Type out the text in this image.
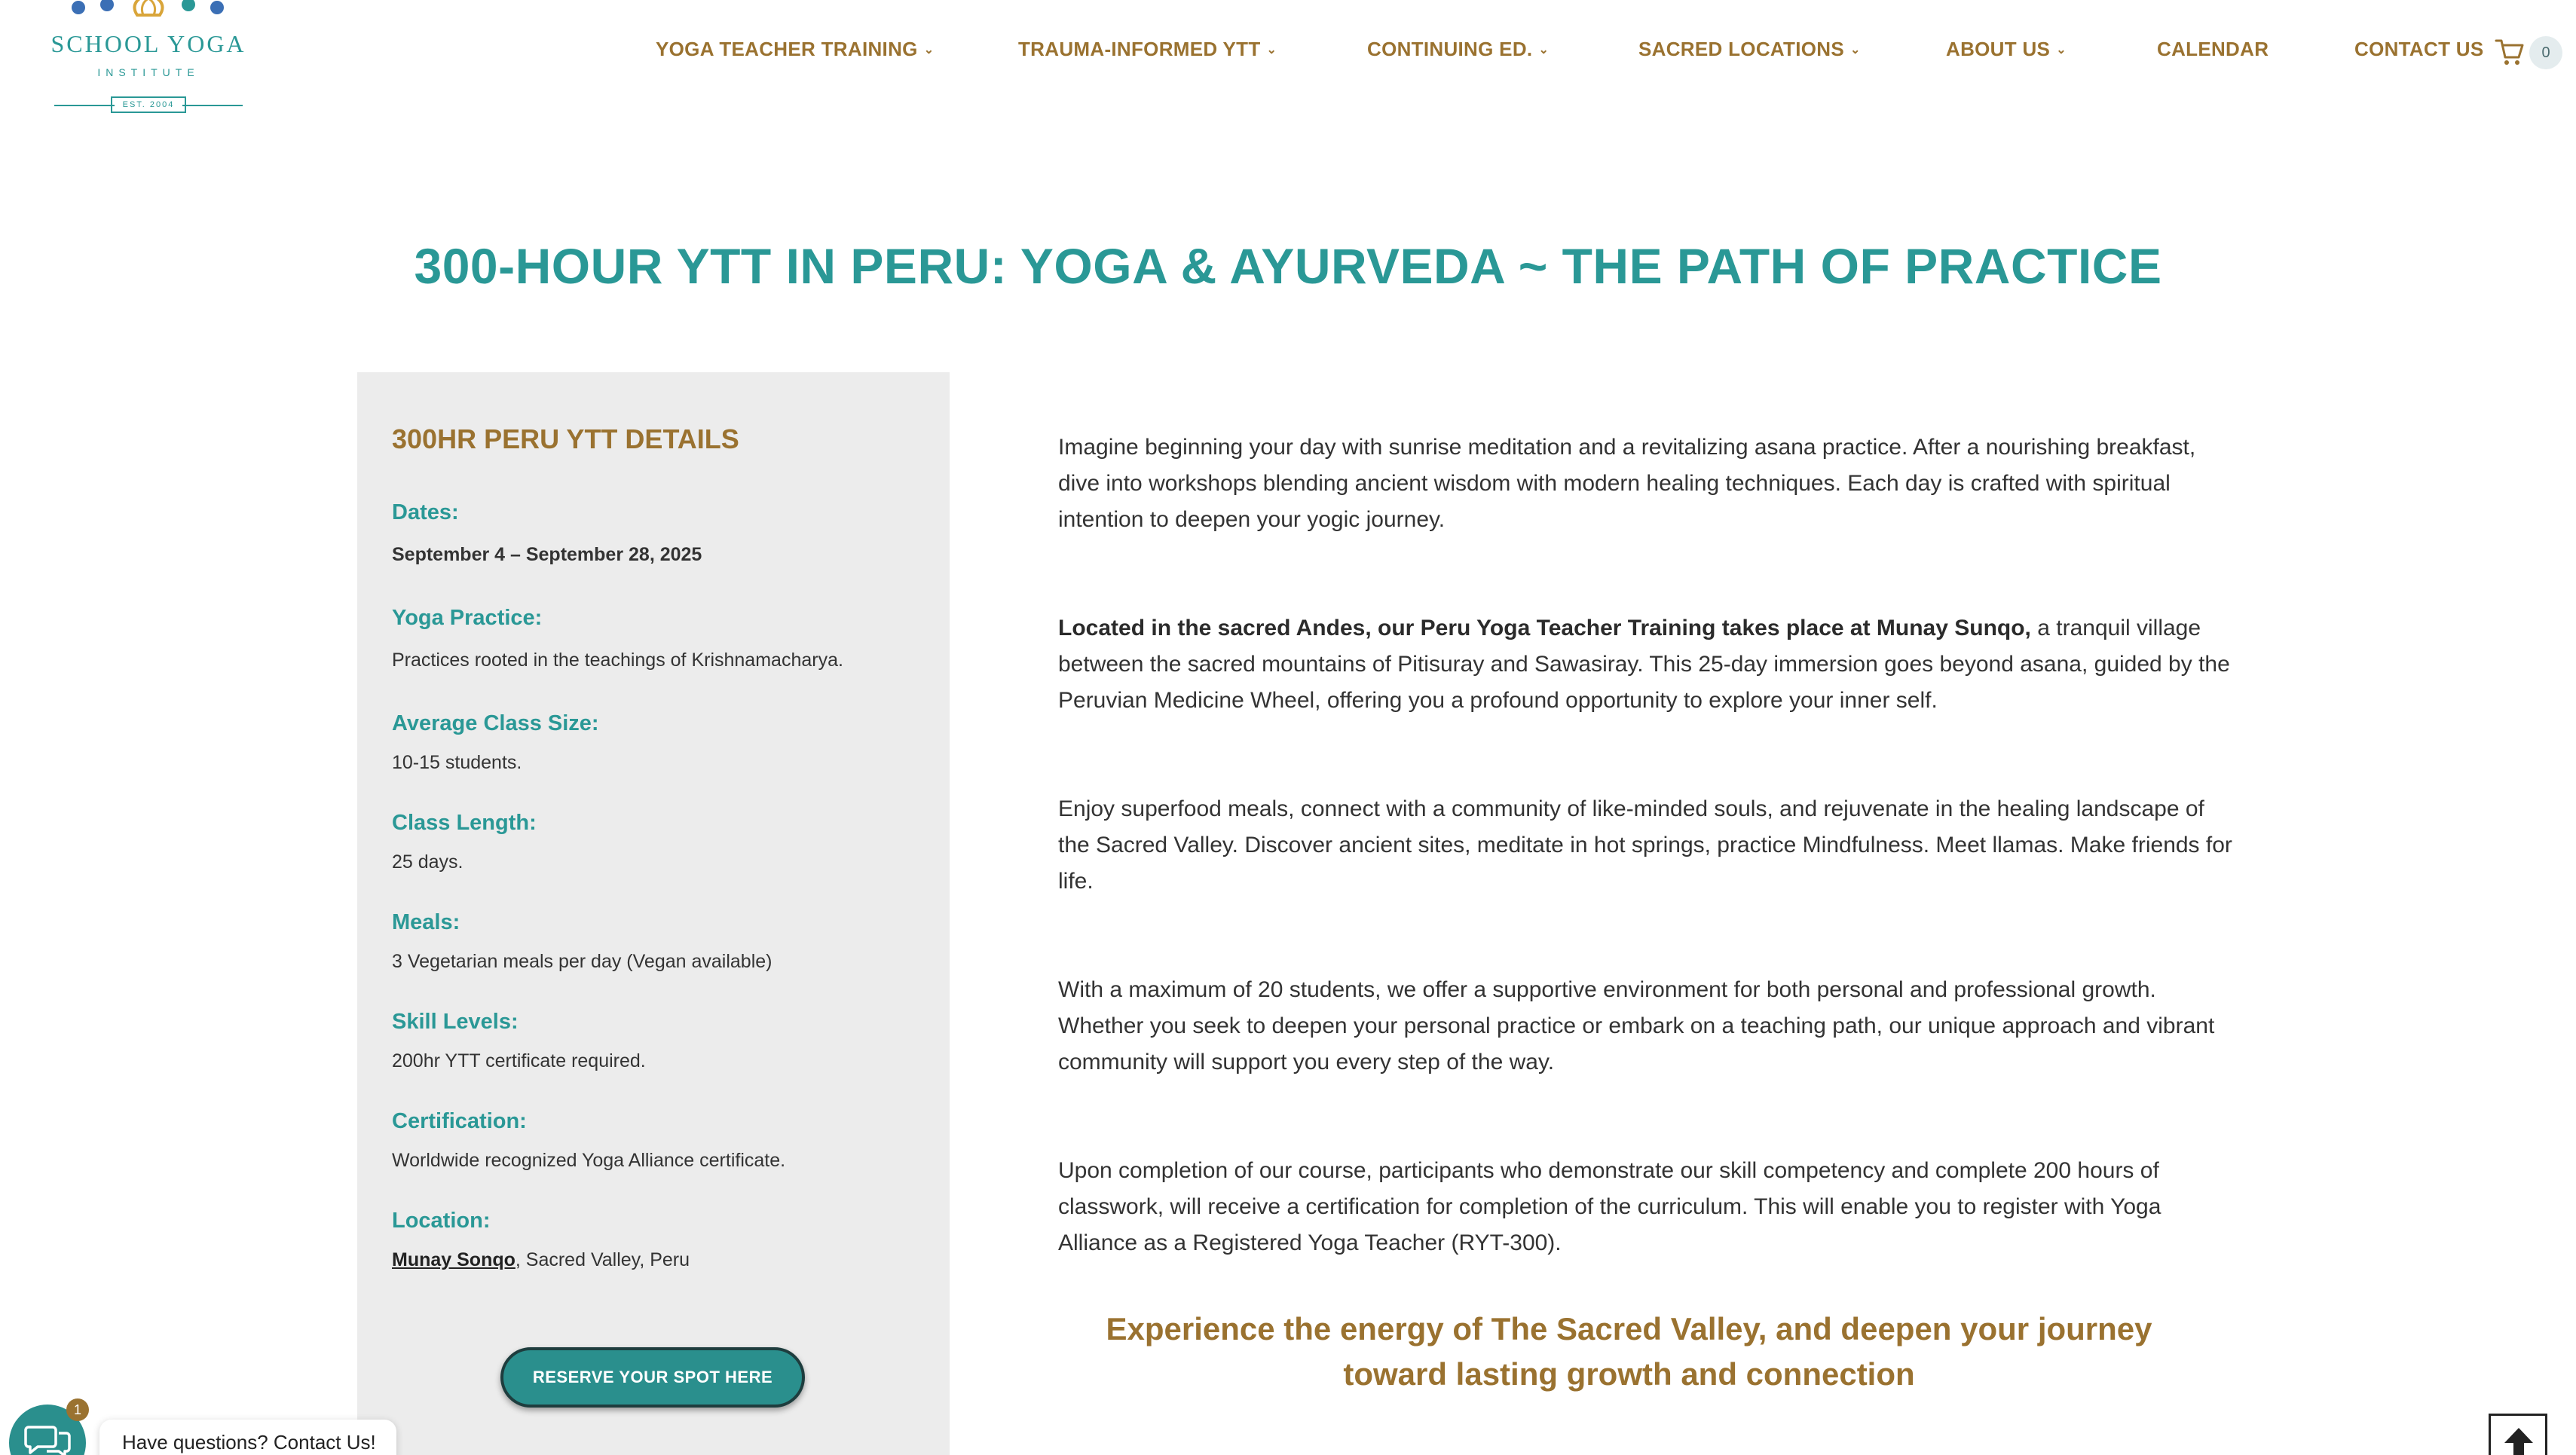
SCHOOL YOGA
INSTITUTE
EST. 2004
YOGA TEACHER TRAINING ⌄	TRAUMA-INFORMED YTT ⌄	CONTINUING ED. ⌄	SACRED LOCATIONS ⌄	ABOUT US ⌄	CALENDAR	CONTACT US	0
300-HOUR YTT IN PERU: YOGA & AYURVEDA ~ THE PATH OF PRACTICE
300HR PERU YTT DETAILS
Dates:
September 4 – September 28, 2025
Yoga Practice:
Practices rooted in the teachings of Krishnamacharya.
Average Class Size:
10-15 students.
Class Length:
25 days.
Meals:
3 Vegetarian meals per day (Vegan available)
Skill Levels:
200hr YTT certificate required.
Certification:
Worldwide recognized Yoga Alliance certificate.
Location:
Munay Sonqo, Sacred Valley, Peru
RESERVE YOUR SPOT HERE

Imagine beginning your day with sunrise meditation and a revitalizing asana practice. After a nourishing breakfast, dive into workshops blending ancient wisdom with modern healing techniques. Each day is crafted with spiritual intention to deepen your yogic journey.

Located in the sacred Andes, our Peru Yoga Teacher Training takes place at Munay Sunqo, a tranquil village between the sacred mountains of Pitisuray and Sawasiray. This 25-day immersion goes beyond asana, guided by the Peruvian Medicine Wheel, offering you a profound opportunity to explore your inner self.

Enjoy superfood meals, connect with a community of like-minded souls, and rejuvenate in the healing landscape of the Sacred Valley. Discover ancient sites, meditate in hot springs, practice Mindfulness. Meet llamas. Make friends for life.

With a maximum of 20 students, we offer a supportive environment for both personal and professional growth. Whether you seek to deepen your personal practice or embark on a teaching path, our unique approach and vibrant community will support you every step of the way.

Upon completion of our course, participants who demonstrate our skill competency and complete 200 hours of classwork, will receive a certification for completion of the curriculum. This will enable you to register with Yoga Alliance as a Registered Yoga Teacher (RYT-300).

Experience the energy of The Sacred Valley, and deepen your journey toward lasting growth and connection
1
Have questions? Contact Us!
